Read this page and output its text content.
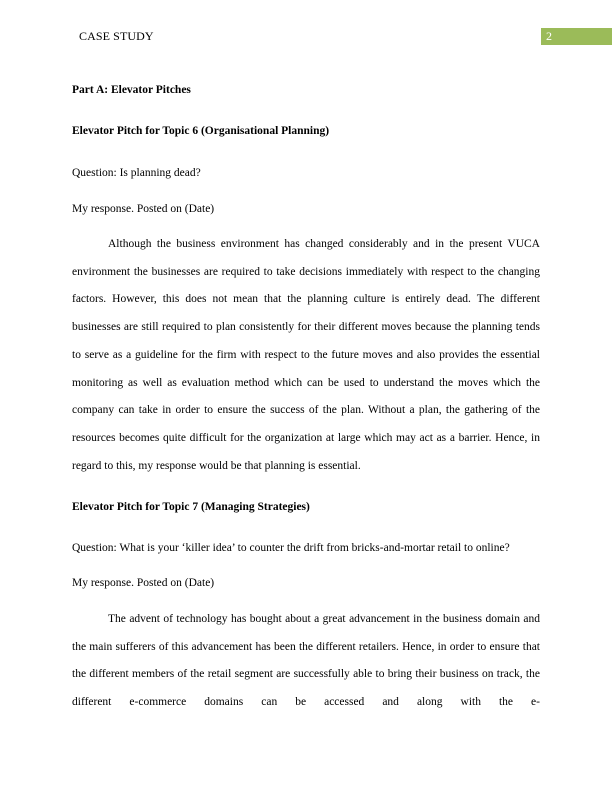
CASE STUDY	2

Part A: Elevator Pitches

Elevator Pitch for Topic 6 (Organisational Planning)

Question: Is planning dead?

My response. Posted on (Date)

Although the business environment has changed considerably and in the present VUCA environment the businesses are required to take decisions immediately with respect to the changing factors. However, this does not mean that the planning culture is entirely dead. The different businesses are still required to plan consistently for their different moves because the planning tends to serve as a guideline for the firm with respect to the future moves and also provides the essential monitoring as well as evaluation method which can be used to understand the moves which the company can take in order to ensure the success of the plan. Without a plan, the gathering of the resources becomes quite difficult for the organization at large which may act as a barrier. Hence, in regard to this, my response would be that planning is essential.

Elevator Pitch for Topic 7 (Managing Strategies)

Question: What is your ‘killer idea’ to counter the drift from bricks-and-mortar retail to online?

My response. Posted on (Date)

The advent of technology has bought about a great advancement in the business domain and the main sufferers of this advancement has been the different retailers. Hence, in order to ensure that the different members of the retail segment are successfully able to bring their business on track, the different e-commerce domains can be accessed and along with the e-
